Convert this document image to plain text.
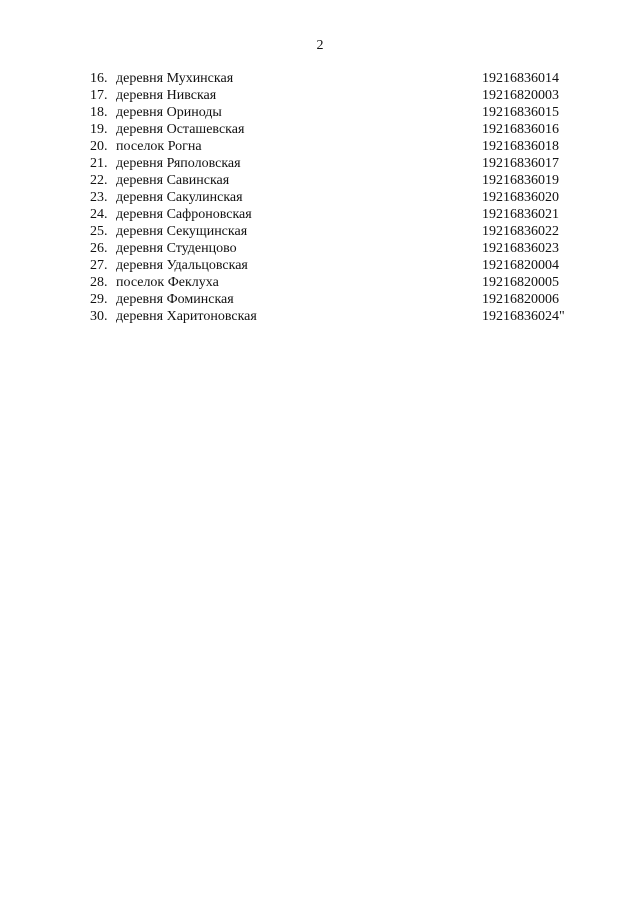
2
16. деревня Мухинская	19216836014
17. деревня Нивская	19216820003
18. деревня Ориноды	19216836015
19. деревня Осташевская	19216836016
20. поселок Рогна	19216836018
21. деревня Ряполовская	19216836017
22. деревня Савинская	19216836019
23. деревня Сакулинская	19216836020
24. деревня Сафроновская	19216836021
25. деревня Секущинская	19216836022
26. деревня Студенцово	19216836023
27. деревня Удальцовская	19216820004
28. поселок Феклуха	19216820005
29. деревня Фоминская	19216820006
30. деревня Харитоновская	19216836024"
